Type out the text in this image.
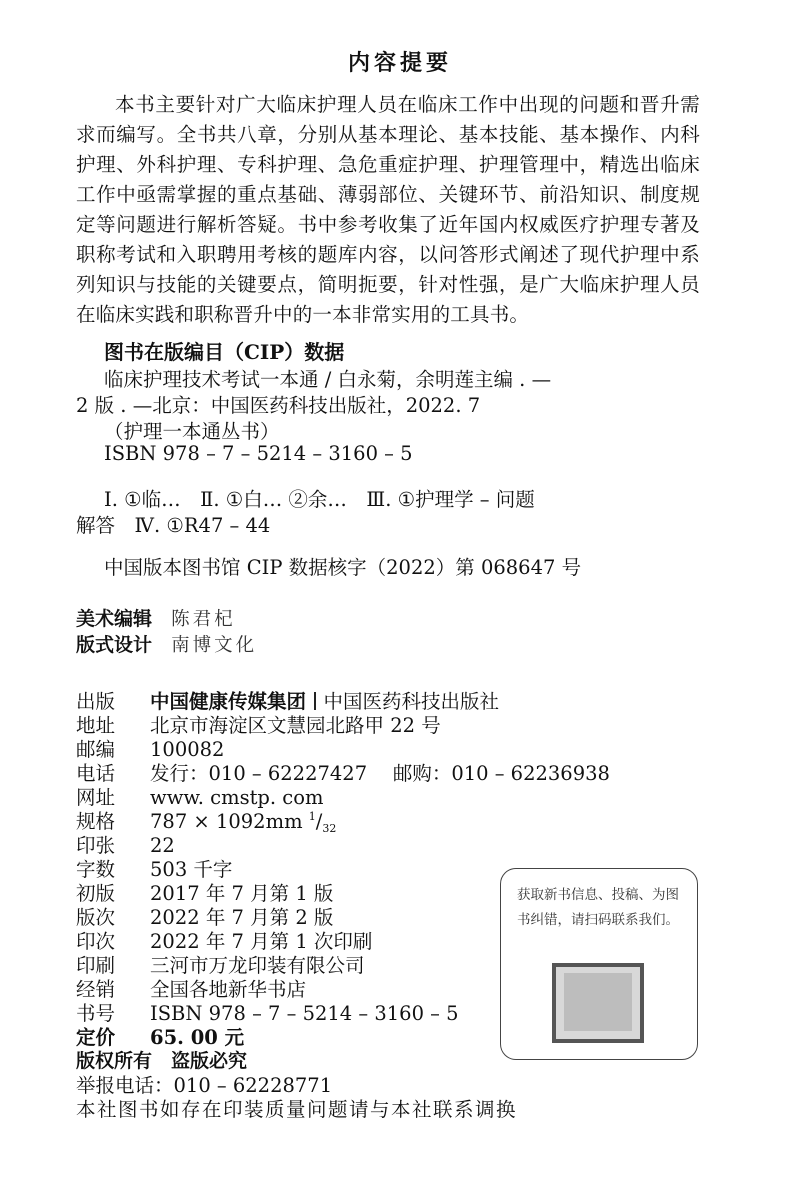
内容提要
本书主要针对广大临床护理人员在临床工作中出现的问题和晋升需求而编写。全书共八章，分别从基本理论、基本技能、基本操作、内科护理、外科护理、专科护理、急危重症护理、护理管理中，精选出临床工作中亟需掌握的重点基础、薄弱部位、关键环节、前沿知识、制度规定等问题进行解析答疑。书中参考收集了近年国内权威医疗护理专著及职称考试和入职聘用考核的题库内容，以问答形式阐述了现代护理中系列知识与技能的关键要点，简明扼要，针对性强，是广大临床护理人员在临床实践和职称晋升中的一本非常实用的工具书。
图书在版编目（CIP）数据
临床护理技术考试一本通 / 白永菊，余明莲主编 . —
2 版 . —北京：中国医药科技出版社，2022. 7
（护理一本通丛书）
ISBN 978 – 7 – 5214 – 3160 – 5
Ⅰ. ①临…　Ⅱ. ①白… ②余…　Ⅲ. ①护理学 – 问题
解答　Ⅳ. ①R47 – 44
中国版本图书馆 CIP 数据核字（2022）第 068647 号
美术编辑 陈君杞
版式设计 南博文化
出版 中国健康传媒集团 中国医药科技出版社
地址 北京市海淀区文慧园北路甲 22 号
邮编 100082
电话 发行：010 – 62227427　 邮购：010 – 62236938
网址 www. cmstp. com
规格 787 × 1092mm $^1/_{32}$
印张 22
字数 503 千字
初版 2017 年 7 月第 1 版
版次 2022 年 7 月第 2 版
印次 2022 年 7 月第 1 次印刷
印刷 三河市万龙印装有限公司
经销 全国各地新华书店
书号 ISBN 978 – 7 – 5214 – 3160 – 5
定价 65. 00 元
版权所有　盗版必究
举报电话：010 – 62228771
本社图书如存在印装质量问题请与本社联系调换
获取新书信息、投稿、为图书纠错，请扫码联系我们。
